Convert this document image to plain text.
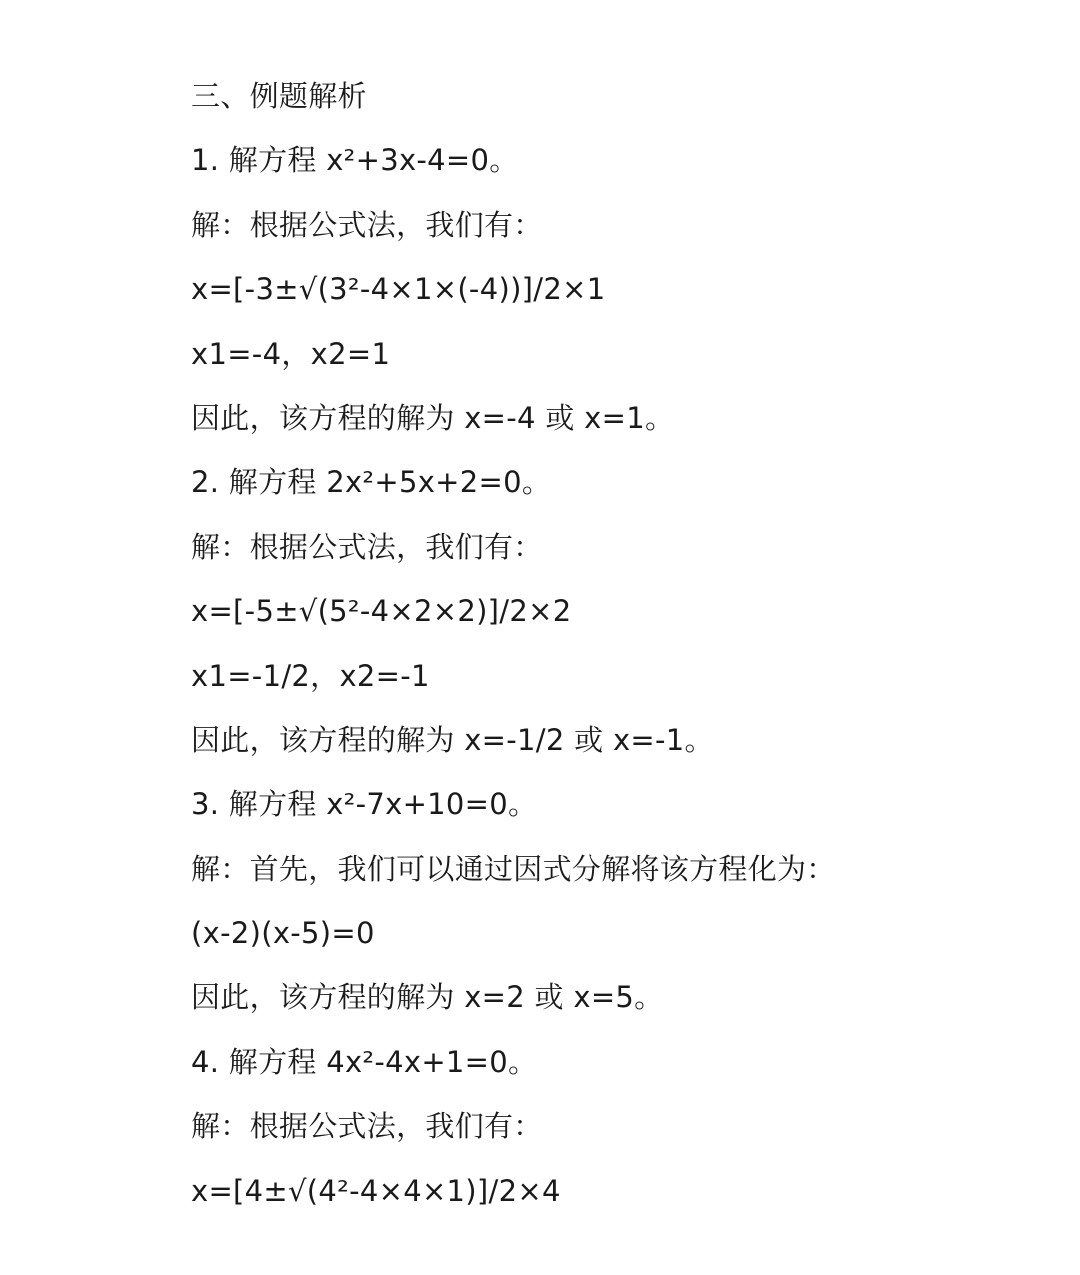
三、例题解析
1. 解方程 x²+3x-4=0。
解：根据公式法，我们有：
x=[-3±√(3²-4×1×(-4))]/2×1
x1=-4，x2=1
因此，该方程的解为 x=-4 或 x=1。
2. 解方程 2x²+5x+2=0。
解：根据公式法，我们有：
x=[-5±√(5²-4×2×2)]/2×2
x1=-1/2，x2=-1
因此，该方程的解为 x=-1/2 或 x=-1。
3. 解方程 x²-7x+10=0。
解：首先，我们可以通过因式分解将该方程化为：
(x-2)(x-5)=0
因此，该方程的解为 x=2 或 x=5。
4. 解方程 4x²-4x+1=0。
解：根据公式法，我们有：
x=[4±√(4²-4×4×1)]/2×4
